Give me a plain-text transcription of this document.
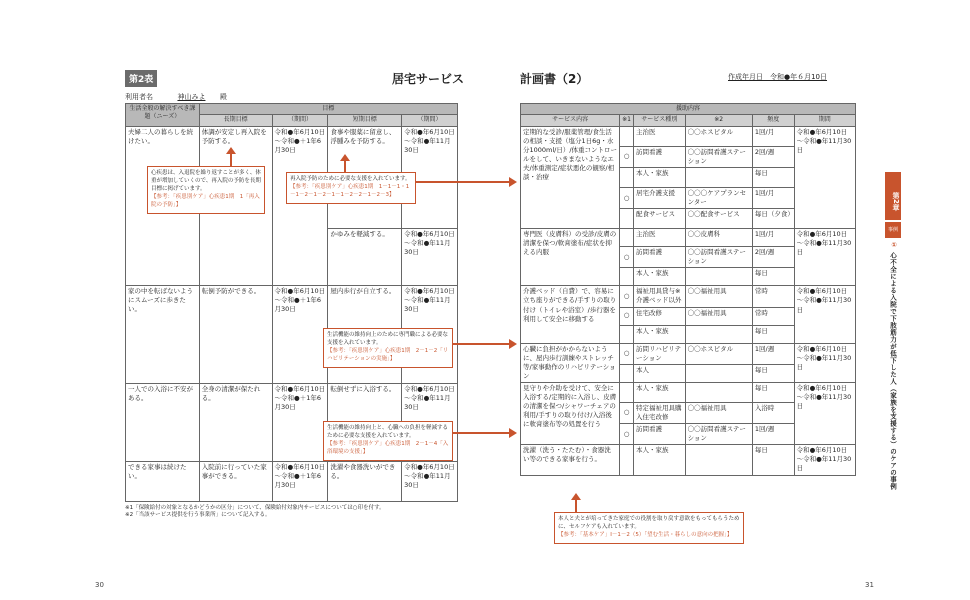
第2表	居宅サービス	計画書（2）	作成年月日　令和●年６月10日
利用者名	神山みよ 殿
生活全般の解決すべき課題（ニーズ）	目標			
	長期目標	（期間）	短期目標	（期間）
夫婦二人の暮らしを続けたい。	体調が安定し再入院を予防する。	令和●年6月10日～令和●＋1年6月30日	食事や服薬に留意し、浮腫みを予防する。	令和●年6月10日～令和●年11月30日
			かゆみを軽減する。	令和●年6月10日～令和●年11月30日
家の中を転ばないようにスムーズに歩きたい。	転倒予防ができる。	令和●年6月10日～令和●＋1年6月30日	屋内歩行が自立する。	令和●年6月10日～令和●年11月30日
一人での入浴に不安がある。	全身の清潔が保たれる。	令和●年6月10日～令和●＋1年6月30日	転倒せずに入浴する。	令和●年6月10日～令和●年11月30日
できる家事は続けたい。	入院前に行っていた家事ができる。	令和●年6月10日～令和●＋1年6月30日	洗濯や食器洗いができる。	令和●年6月10日～令和●年11月30日
※1「保険給付の対象となるかどうかの区分」について、保険給付対象内サービスについては○印を付す。
※2「当該サービス提供を行う事業所」について記入する。
援助内容					
サービス内容	※1	サービス種別	※2	頻度	期間
定期的な受診/服薬管理/食生活の相談・支援（塩分1日6g・水分1000ml/日）/体重コントロールをして、いきまないようなエ夫/体重測定/症状悪化の観察/相談・治療		主治医	〇〇ホスピタル	1回/月	令和●年6月10日～令和●年11月30日
	○	訪問看護	〇〇訪問看護ステーション	2回/週	
		本人・家族		毎日	
	○	居宅介護支援	〇〇〇ケアプランセンター	1回/月	
		配食サービス	〇〇配食サービス	毎日（夕食）	
専門医（皮膚科）の受診/皮膚の清潔を保つ/軟膏塗布/症状を抑える内服		主治医	〇〇皮膚科	1回/月	令和●年6月10日～令和●年11月30日
	○	訪問看護	〇〇訪問看護ステーション	2回/週	
		本人・家族		毎日	
介護ベッド（自費）で、容易に立ち座りができる/手すりの取り付け（トイレや浴室）/歩行器を利用して安全に移動する	○	福祉用具貸与※介護ベッド以外	〇〇福祉用具	常時	令和●年6月10日～令和●年11月30日
	○	住宅改修	〇〇福祉用具	常時	
		本人・家族		毎日	
心臓に負担がかからないように、屋内歩行訓練やストレッチ等/家事動作のリハビリテーション	○	訪問リハビリテーション	〇〇ホスピタル	1回/週	令和●年6月10日～令和●年11月30日
		本人		毎日	
見守りや介助を受けて、安全に入浴する/定期的に入浴し、皮膚の清潔を保つ/シャワーチェアの利用/手すりの取り付け/入浴後に軟膏塗布等の処置を行う		本人・家族		毎日	令和●年6月10日～令和●年11月30日
	○	特定福祉用具購入住宅改修	〇〇福祉用具	入浴時	
	○	訪問看護	〇〇訪問看護ステーション	1回/週	
洗濯（洗う・たたむ）・食器洗い等のできる家事を行う。		本人・家族		毎日	令和●年6月10日～令和●年11月30日
心疾患は、入退院を繰り返すことが多く、体重が増加していくので、再入院の予防を長期目標に掲げています。
【参考：「疾患別ケア」心疾患1期　1「再入院の予防」】
再入院予防のために必要な支援を入れています。
【参考：「疾患別ケア」心疾患1期　1－1－1・1－1－2－1－2－1－1－2－2－1－2－3】
生活機能の維持向上のために専門職による必要な支援を入れています。
【参考：「疾患別ケア」心疾患1期　2－1－2「リハビリテーションの実施」】
生活機能の維持向上と、心臓への負担を軽減するために必要な支援を入れています。
【参考：「疾患別ケア」心疾患1期　2－1－4「入浴環境の支援」】
本人と夫とが培ってきた家庭での役割を取り戻す意欲をもってもらうために、セルフケアも入れています。
【参考：「基本ケア」I－1－2（5）「望む生活・暮らしの意向の把握」】
第2章
事例
①
心不全による入院で下肢筋力が低下した人（家族を支援する）のケアの事例
30	31
